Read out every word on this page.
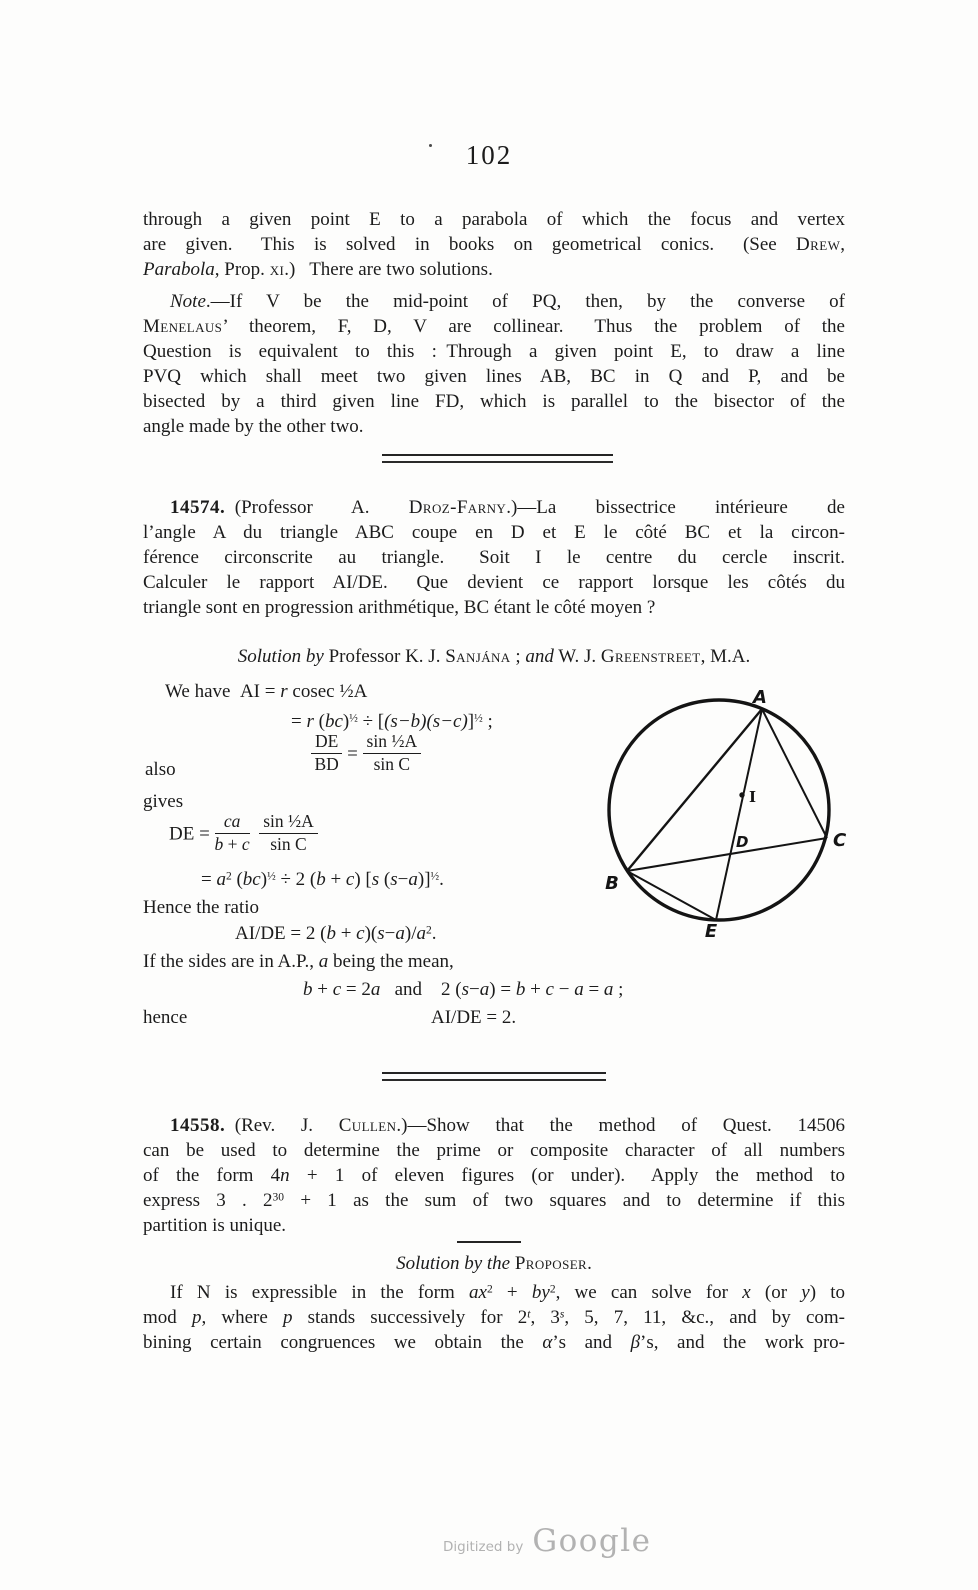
102
through a given point E to a parabola of which the focus and vertex
are given.  This is solved in books on geometrical conics.  (See Drew,
Parabola, Prop. xi.)  There are two solutions.
Note.—If V be the mid-point of PQ, then, by the converse of
Menelaus’ theorem, F, D, V are collinear.  Thus the problem of the
Question is equivalent to this : Through a given point E, to draw a line
PVQ which shall meet two given lines AB, BC in Q and P, and be
bisected by a third given line FD, which is parallel to the bisector of the
angle made by the other two.
14574. (Professor A. Droz-Farny.)—La bissectrice intérieure de
l’angle A du triangle ABC coupe en D et E le côté BC et la circon-
férence circonscrite au triangle.  Soit I le centre du cercle inscrit.
Calculer le rapport AI/DE.  Que devient ce rapport lorsque les côtés du
triangle sont en progression arithmétique, BC étant le côté moyen ?
Solution by Professor K. J. Sanjána ; and W. J. Greenstreet, M.A.
We have AI = r cosec ½A
= r $(bc)^{\frac{1}{2}} \div [(s-b)(s-c)]^{\frac{1}{2}}$ ;
also	$\frac{DE}{BD} = \frac{\text{sin ½A}}{\text{sin C}}$
gives
DE = $\frac{ca}{b + c}$
  $\frac{\text{sin ½A}}{\text{sin C}}$
= $a^2$ (bc)$^{\frac{1}{2}}$ ÷ 2 (b + c) [s (s−a)]$^{\frac{1}{2}}$.
Hence the ratio
AI/DE = 2 $(b + c)(s-a)/a^2$.
If the sides are in A.P., a being the mean,
b + c = 2a  and   2 (s−a) = b + c − a = a ;
hence	AI/DE = 2.
A
B
C
D
E
I
14558. (Rev. J. Cullen.)—Show that the method of Quest. 14506
can be used to determine the prime or composite character of all numbers
of the form 4n + 1 of eleven figures (or under).  Apply the method to
express 3 . $2^{30} + 1$ as the sum of two squares and to determine if this
partition is unique.
Solution by the Proposer.
If N is expressible in the form $ax^2 + by^2$, we can solve for x (or y) to
mod p, where p stands successively for 2$^t$, 3$^s$, 5, 7, 11, &c., and by com-
bining certain congruences we obtain the α’s and β’s, and the work pro-
Digitized by Google
